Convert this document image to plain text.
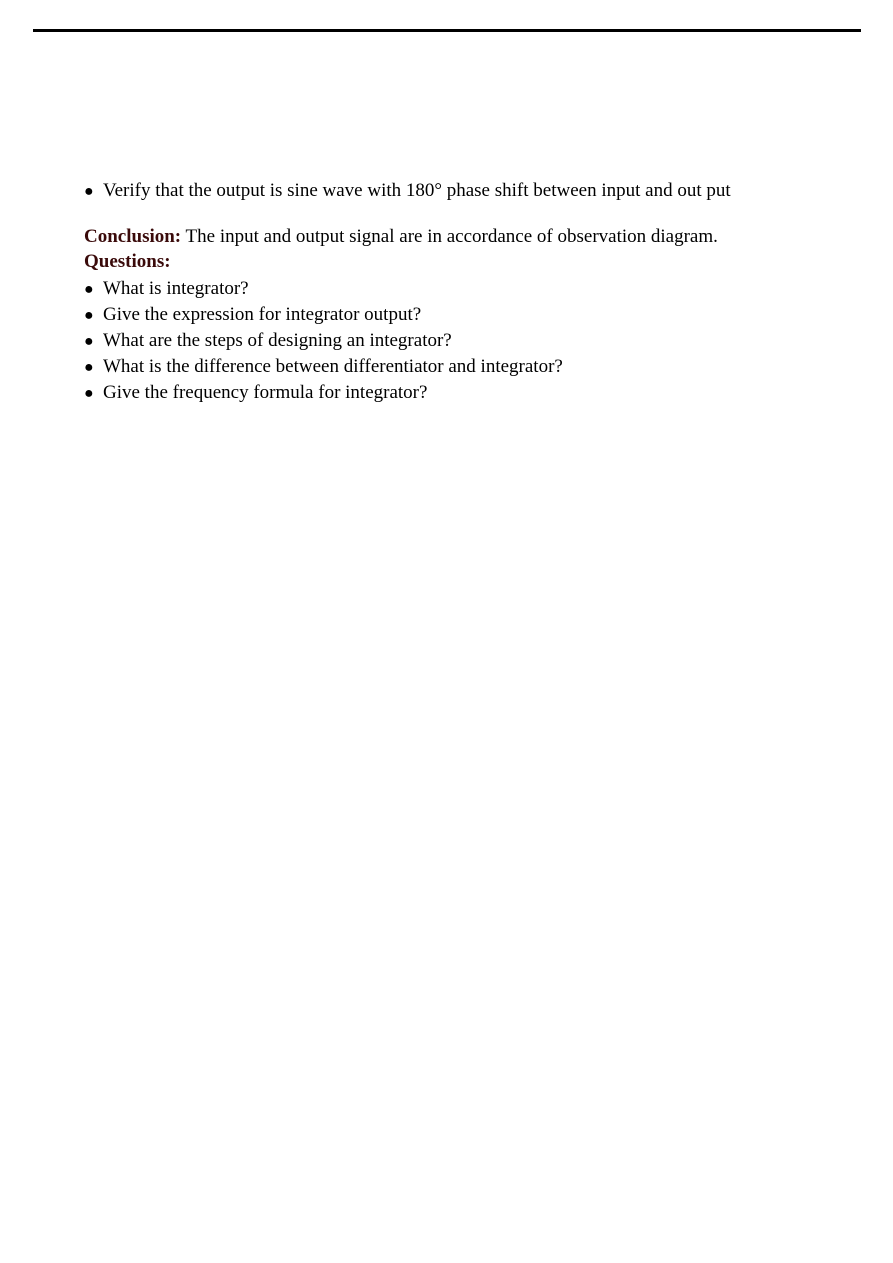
● Verify that the output is sine wave with 180° phase shift between input and out put
Conclusion: The input and output signal are in accordance of observation diagram.
Questions:
● What is integrator?
● Give the expression for integrator output?
● What are the steps of designing an integrator?
● What is the difference between differentiator and integrator?
● Give the frequency formula for integrator?
